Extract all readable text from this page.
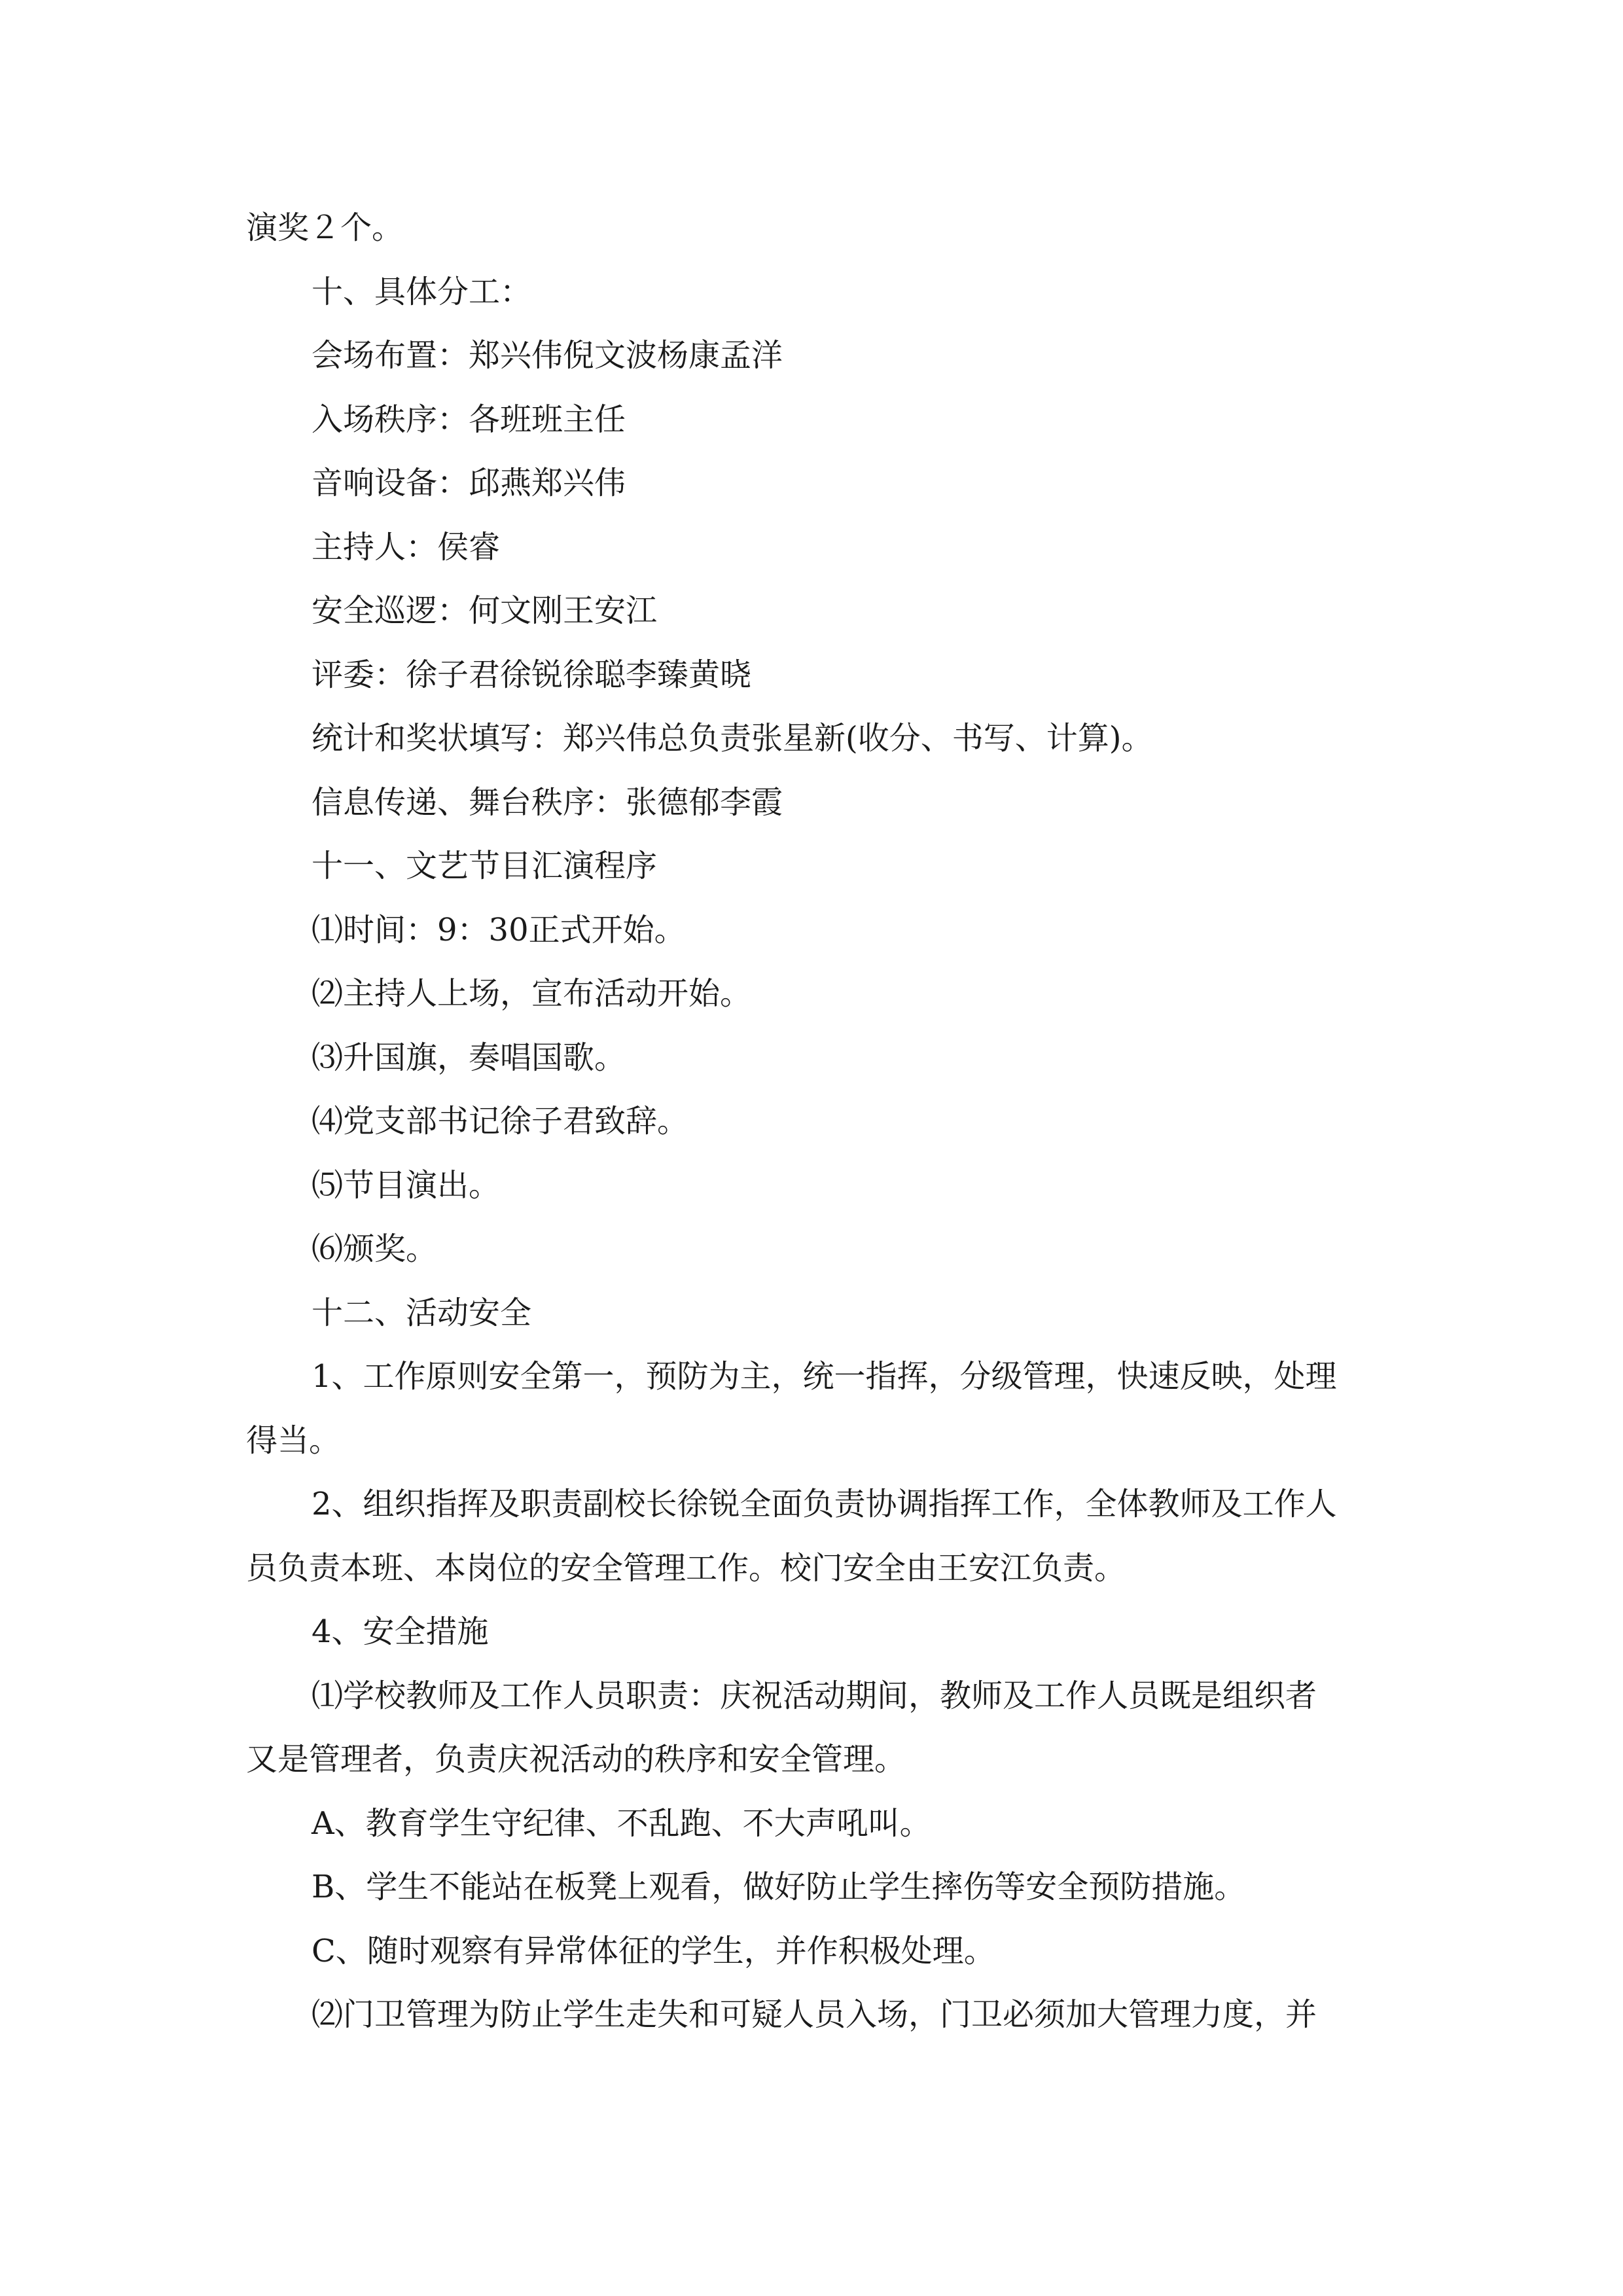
演奖２个。
十、具体分工：
会场布置：郑兴伟倪文波杨康孟洋
入场秩序：各班班主任
音响设备：邱燕郑兴伟
主持人：侯睿
安全巡逻：何文刚王安江
评委：徐子君徐锐徐聪李臻黄晓
统计和奖状填写：郑兴伟总负责张星新(收分、书写、计算)。
信息传递、舞台秩序：张德郁李霞
十一、文艺节目汇演程序
⑴时间：9：30正式开始。
⑵主持人上场，宣布活动开始。
⑶升国旗，奏唱国歌。
⑷党支部书记徐子君致辞。
⑸节目演出。
⑹颁奖。
十二、活动安全
1、工作原则安全第一，预防为主，统一指挥，分级管理，快速反映，处理
得当。
2、组织指挥及职责副校长徐锐全面负责协调指挥工作，全体教师及工作人
员负责本班、本岗位的安全管理工作。校门安全由王安江负责。
4、安全措施
⑴学校教师及工作人员职责：庆祝活动期间，教师及工作人员既是组织者
又是管理者，负责庆祝活动的秩序和安全管理。
A、教育学生守纪律、不乱跑、不大声吼叫。
B、学生不能站在板凳上观看，做好防止学生摔伤等安全预防措施。
C、随时观察有异常体征的学生，并作积极处理。
⑵门卫管理为防止学生走失和可疑人员入场，门卫必须加大管理力度，并
